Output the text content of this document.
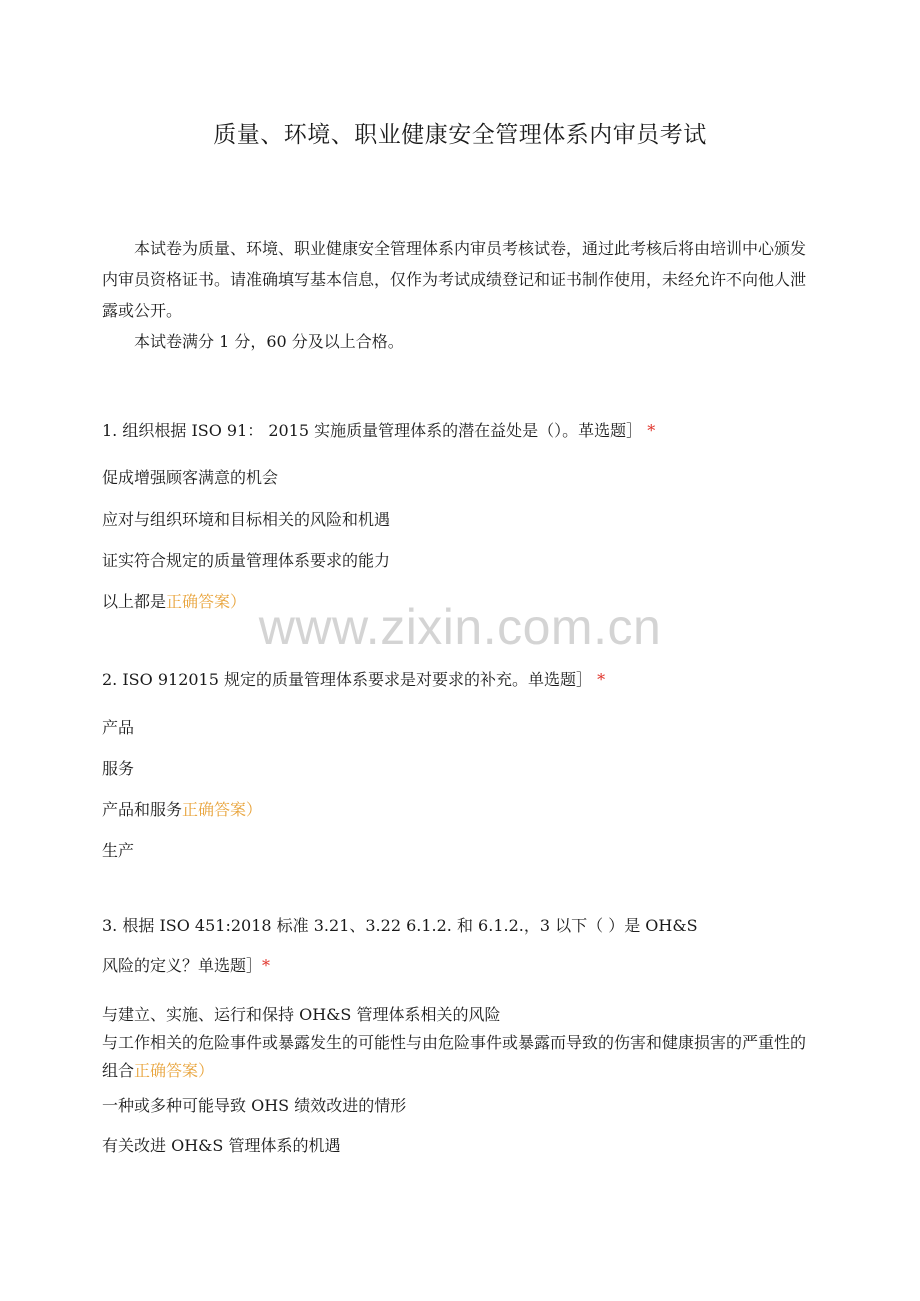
质量、环境、职业健康安全管理体系内审员考试

本试卷为质量、环境、职业健康安全管理体系内审员考核试卷，通过此考核后将由培训中心颁发内审员资格证书。请准确填写基本信息，仅作为考试成绩登记和证书制作使用，未经允许不向他人泄露或公开。

本试卷满分 1 分，60 分及以上合格。

1. 组织根据 ISO 91： 2015 实施质量管理体系的潜在益处是（）。革选题］ *
促成增强顾客满意的机会
应对与组织环境和目标相关的风险和机遇
证实符合规定的质量管理体系要求的能力
以上都是正确答案）
2. ISO 912015 规定的质量管理体系要求是对要求的补充。单选题］ *
产品
服务
产品和服务正确答案）
生产
3. 根据 ISO 451:2018 标准 3.21、3.22 6.1.2. 和 6.1.2.，3 以下（ ）是 OH&S
风险的定义？单选题］*
与建立、实施、运行和保持 OH&S 管理体系相关的风险
与工作相关的危险事件或暴露发生的可能性与由危险事件或暴露而导致的伤害和健康损害的严重性的组合正确答案）
一种或多种可能导致 OHS 绩效改进的情形
有关改进 OH&S 管理体系的机遇
www.zixin.com.cn
